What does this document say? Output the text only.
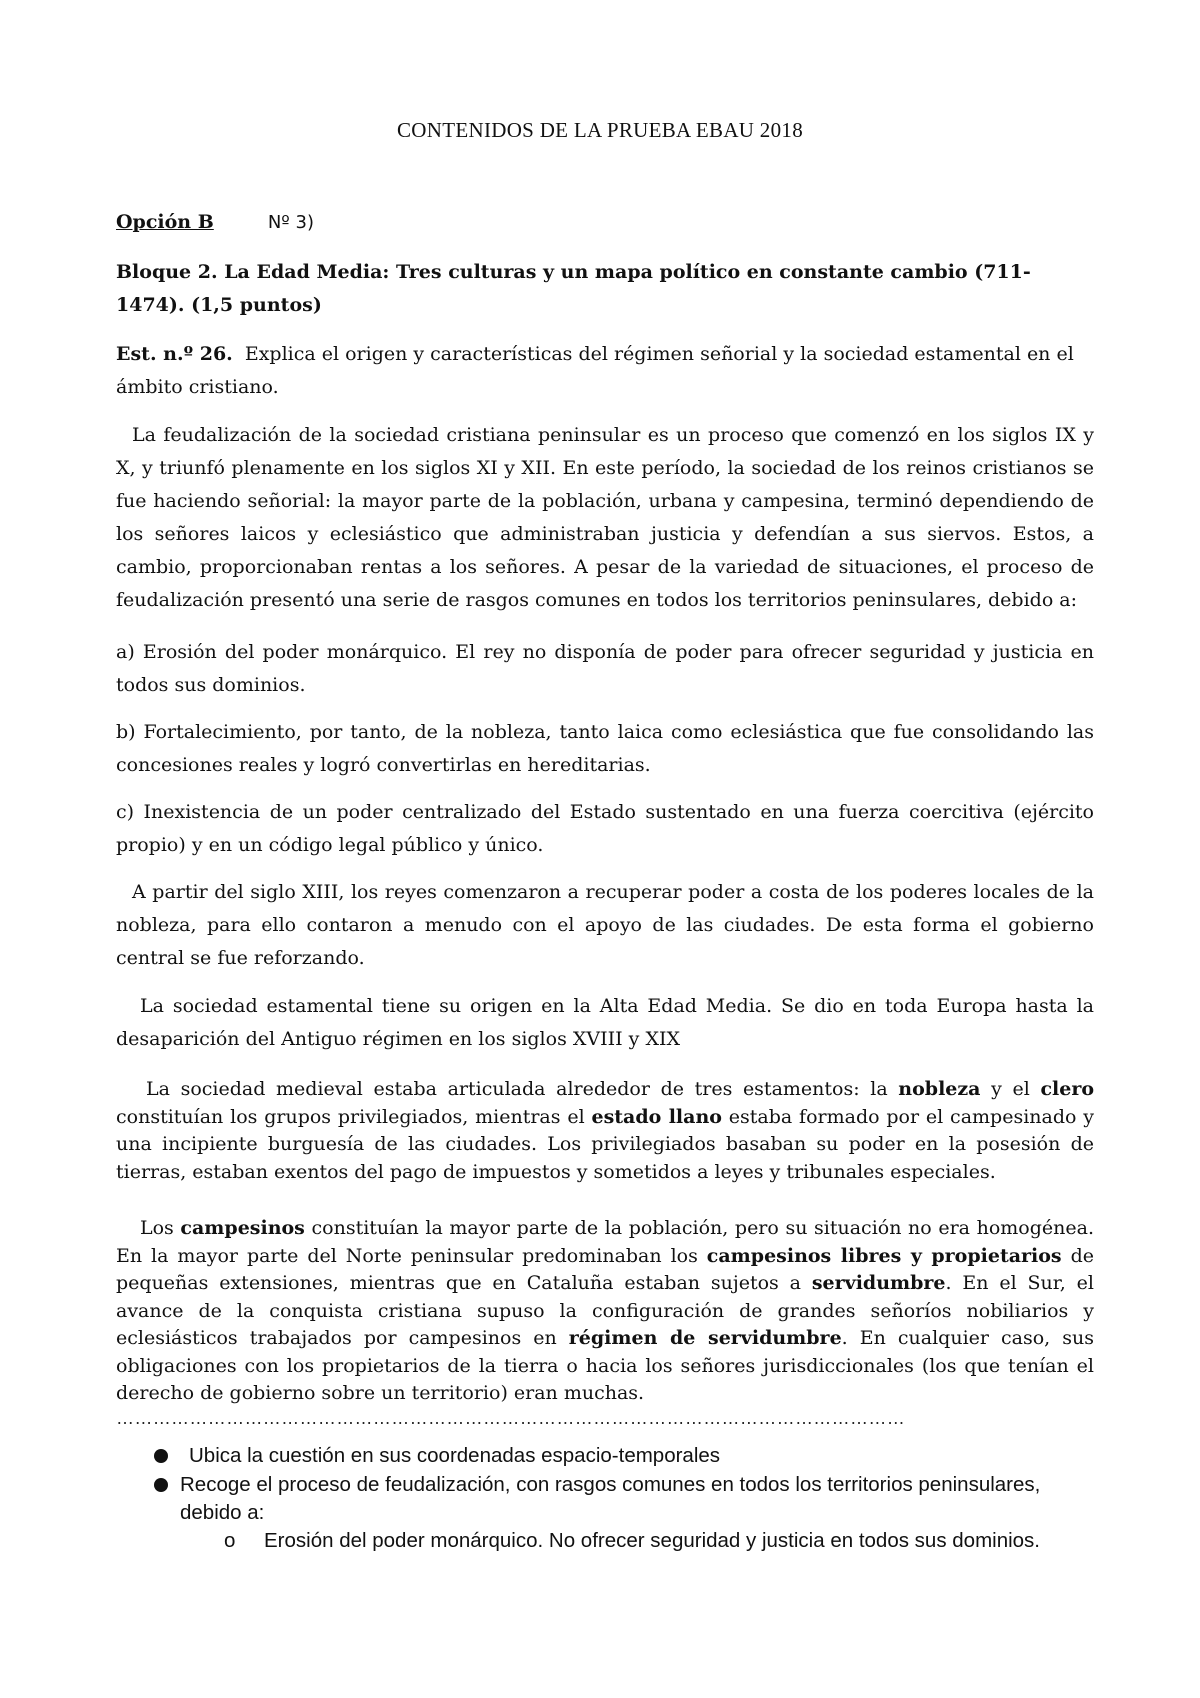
CONTENIDOS DE LA PRUEBA EBAU 2018
Opción B	Nº 3)
Bloque 2. La Edad Media: Tres culturas y un mapa político en constante cambio (711-1474). (1,5 puntos)
Est. n.º 26. Explica el origen y características del régimen señorial y la sociedad estamental en el ámbito cristiano.
La feudalización de la sociedad cristiana peninsular es un proceso que comenzó en los siglos IX y X, y triunfó plenamente en los siglos XI y XII. En este período, la sociedad de los reinos cristianos se fue haciendo señorial: la mayor parte de la población, urbana y campesina, terminó dependiendo de los señores laicos y eclesiástico que administraban justicia y defendían a sus siervos. Estos, a cambio, proporcionaban rentas a los señores. A pesar de la variedad de situaciones, el proceso de feudalización presentó una serie de rasgos comunes en todos los territorios peninsulares, debido a:
a) Erosión del poder monárquico. El rey no disponía de poder para ofrecer seguridad y justicia en todos sus dominios.
b) Fortalecimiento, por tanto, de la nobleza, tanto laica como eclesiástica que fue consolidando las concesiones reales y logró convertirlas en hereditarias.
c) Inexistencia de un poder centralizado del Estado sustentado en una fuerza coercitiva (ejército propio) y en un código legal público y único.
A partir del siglo XIII, los reyes comenzaron a recuperar poder a costa de los poderes locales de la nobleza, para ello contaron a menudo con el apoyo de las ciudades. De esta forma el gobierno central se fue reforzando.
La sociedad estamental tiene su origen en la Alta Edad Media. Se dio en toda Europa hasta la desaparición del Antiguo régimen en los siglos XVIII y XIX
La sociedad medieval estaba articulada alrededor de tres estamentos: la nobleza y el clero constituían los grupos privilegiados, mientras el estado llano estaba formado por el campesinado y una incipiente burguesía de las ciudades. Los privilegiados basaban su poder en la posesión de tierras, estaban exentos del pago de impuestos y sometidos a leyes y tribunales especiales.
Los campesinos constituían la mayor parte de la población, pero su situación no era homogénea. En la mayor parte del Norte peninsular predominaban los campesinos libres y propietarios de pequeñas extensiones, mientras que en Cataluña estaban sujetos a servidumbre. En el Sur, el avance de la conquista cristiana supuso la configuración de grandes señoríos nobiliarios y eclesiásticos trabajados por campesinos en régimen de servidumbre. En cualquier caso, sus obligaciones con los propietarios de la tierra o hacia los señores jurisdiccionales (los que tenían el derecho de gobierno sobre un territorio) eran muchas.
…………………………………………………………………………………………………………………
Ubica la cuestión en sus coordenadas espacio-temporales
Recoge el proceso de feudalización, con rasgos comunes en todos los territorios peninsulares, debido a:
o Erosión del poder monárquico. No ofrecer seguridad y justicia en todos sus dominios.
